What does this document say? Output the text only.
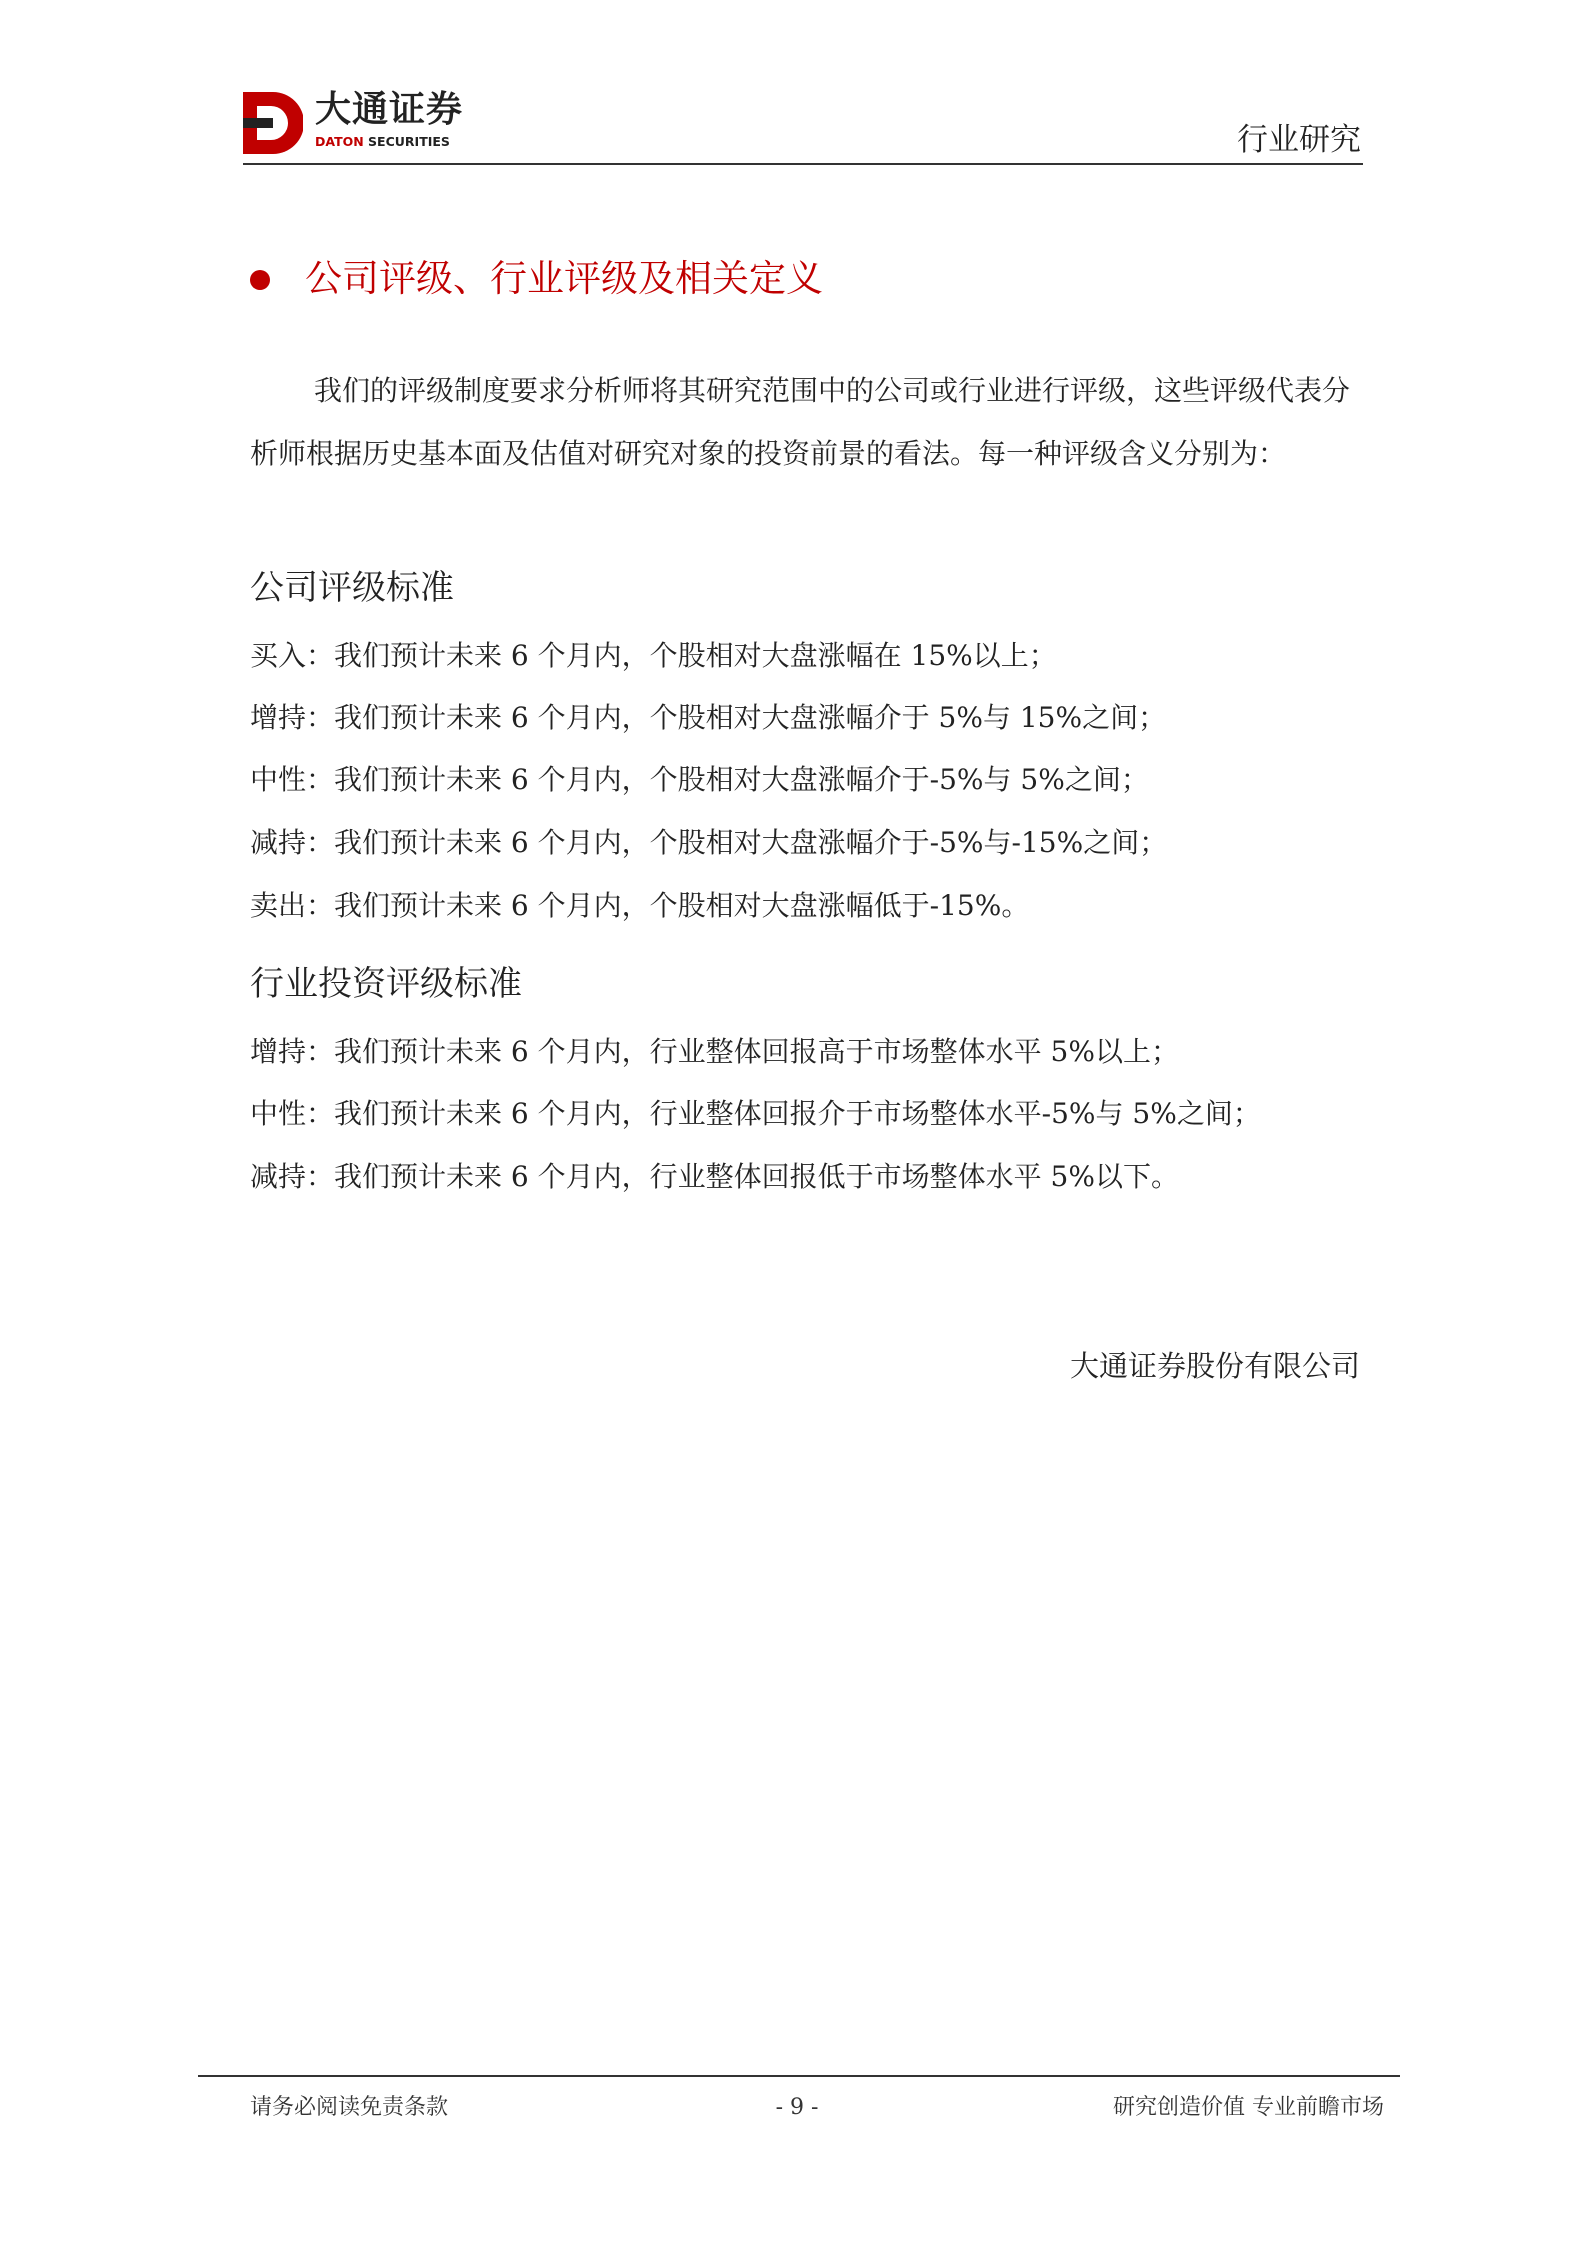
大通证券
DATON SECURITIES	行业研究
公司评级、行业评级及相关定义
我们的评级制度要求分析师将其研究范围中的公司或行业进行评级，这些评级代表分析师根据历史基本面及估值对研究对象的投资前景的看法。每一种评级含义分别为：
公司评级标准
买入：我们预计未来 6 个月内，个股相对大盘涨幅在 15%以上；
增持：我们预计未来 6 个月内，个股相对大盘涨幅介于 5%与 15%之间；
中性：我们预计未来 6 个月内，个股相对大盘涨幅介于-5%与 5%之间；
减持：我们预计未来 6 个月内，个股相对大盘涨幅介于-5%与-15%之间；
卖出：我们预计未来 6 个月内，个股相对大盘涨幅低于-15%。
行业投资评级标准
增持：我们预计未来 6 个月内，行业整体回报高于市场整体水平 5%以上；
中性：我们预计未来 6 个月内，行业整体回报介于市场整体水平-5%与 5%之间；
减持：我们预计未来 6 个月内，行业整体回报低于市场整体水平 5%以下。
大通证券股份有限公司
请务必阅读免责条款	- 9 -	研究创造价值 专业前瞻市场
